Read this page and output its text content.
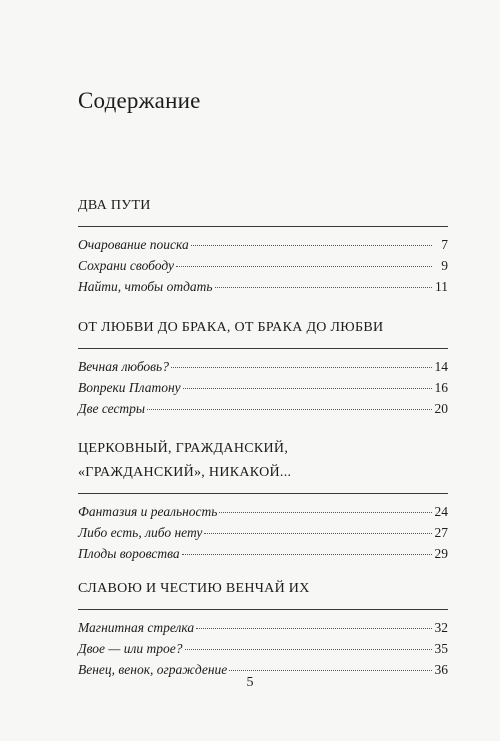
Содержание
ДВА ПУТИ
Очарование поиска	7
Сохрани свободу	9
Найти, чтобы отдать	11
ОТ ЛЮБВИ ДО БРАКА, ОТ БРАКА ДО ЛЮБВИ
Вечная любовь?	14
Вопреки Платону	16
Две сестры	20
ЦЕРКОВНЫЙ, ГРАЖДАНСКИЙ, «ГРАЖДАНСКИЙ», НИКАКОЙ...
Фантазия и реальность	24
Либо есть, либо нету	27
Плоды воровства	29
СЛАВОЮ И ЧЕСТИЮ ВЕНЧАЙ ИХ
Магнитная стрелка	32
Двое — или трое?	35
Венец, венок, ограждение	36
5
